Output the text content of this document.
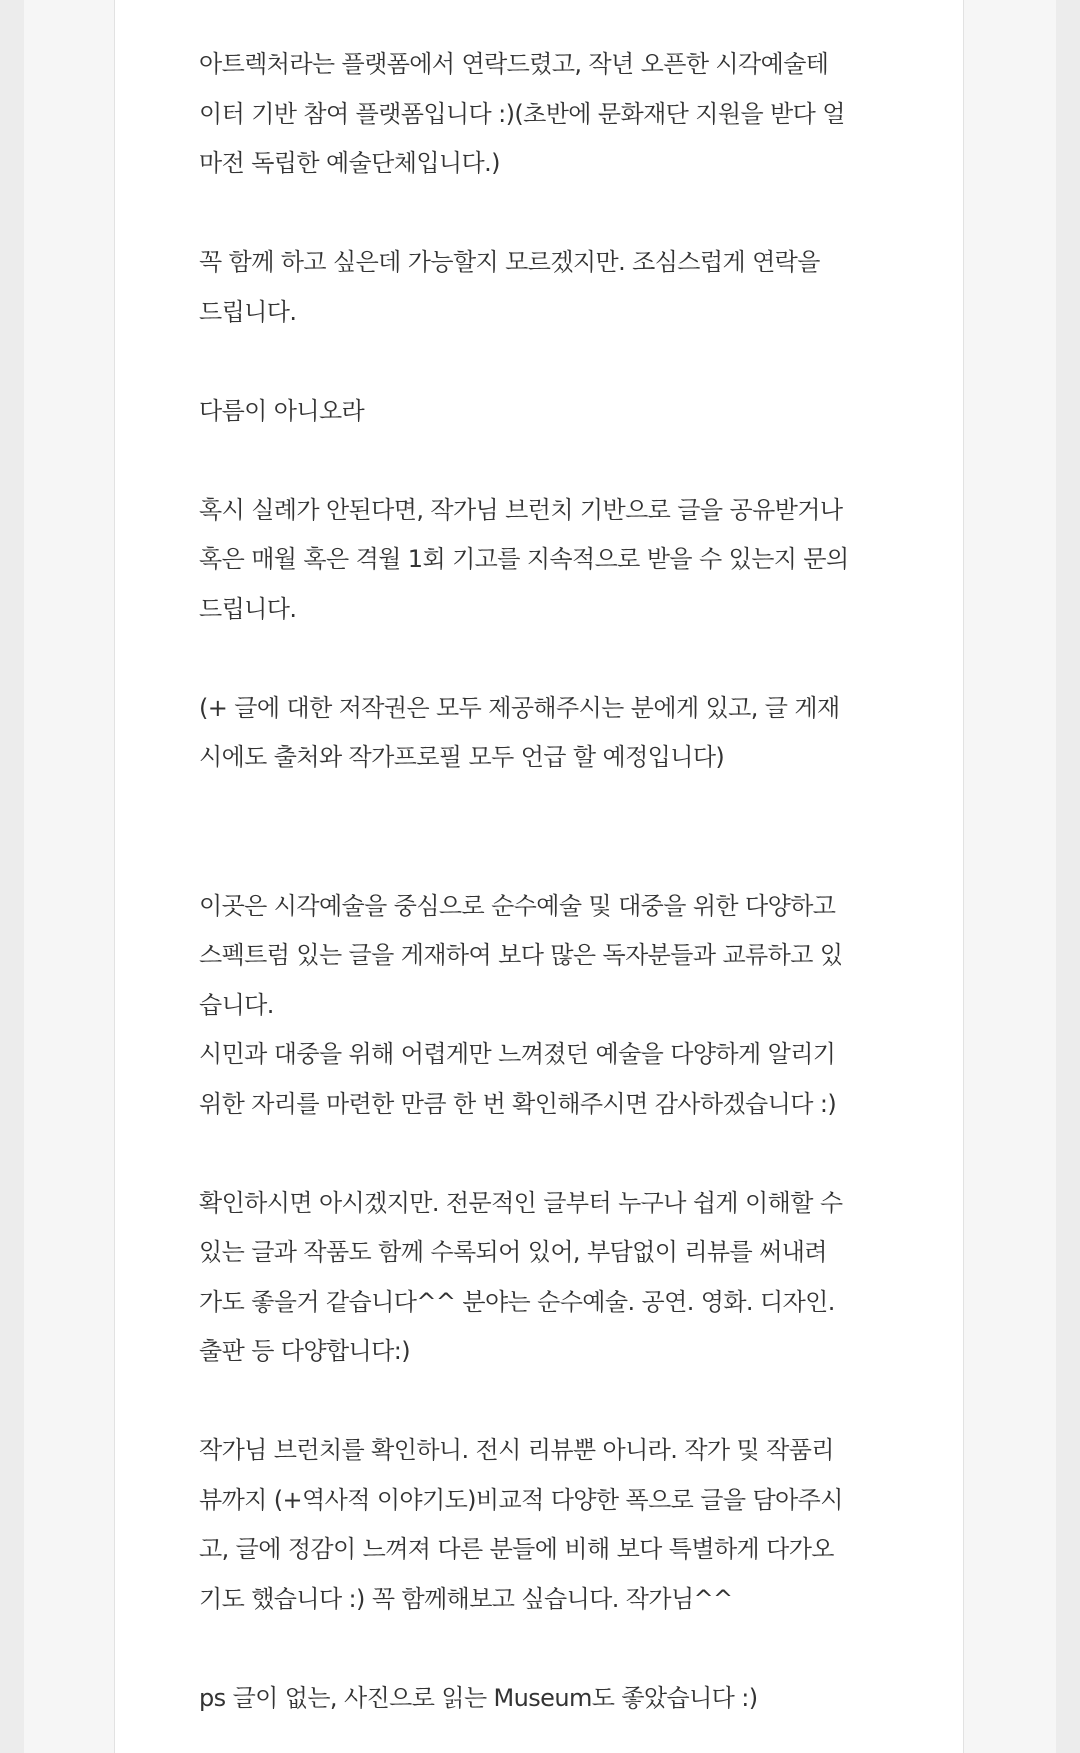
아트렉처라는 플랫폼에서 연락드렸고, 작년 오픈한 시각예술테
이터 기반 참여 플랫폼입니다 :)(초반에 문화재단 지원을 받다 얼
마전 독립한 예술단체입니다.)
꼭 함께 하고 싶은데 가능할지 모르겠지만. 조심스럽게 연락을
드립니다.
다름이 아니오라
혹시 실례가 안된다면, 작가님 브런치 기반으로 글을 공유받거나
혹은 매월 혹은 격월 1회 기고를 지속적으로 받을 수 있는지 문의
드립니다.
(+ 글에 대한 저작권은 모두 제공해주시는 분에게 있고, 글 게재
시에도 출처와 작가프로필 모두 언급 할 예정입니다)
이곳은 시각예술을 중심으로 순수예술 및 대중을 위한 다양하고
스펙트럼 있는 글을 게재하여 보다 많은 독자분들과 교류하고 있
습니다.
시민과 대중을 위해 어렵게만 느껴졌던 예술을 다양하게 알리기
위한 자리를 마련한 만큼 한 번 확인해주시면 감사하겠습니다 :)
확인하시면 아시겠지만. 전문적인 글부터 누구나 쉽게 이해할 수
있는 글과 작품도 함께 수록되어 있어, 부담없이 리뷰를 써내려
가도 좋을거 같습니다^^ 분야는 순수예술. 공연. 영화. 디자인.
출판 등 다양합니다:)
작가님 브런치를 확인하니. 전시 리뷰뿐 아니라. 작가 및 작품리
뷰까지 (+역사적 이야기도)비교적 다양한 폭으로 글을 담아주시
고, 글에 정감이 느껴져 다른 분들에 비해 보다 특별하게 다가오
기도 했습니다 :) 꼭 함께해보고 싶습니다. 작가님^^
ps 글이 없는, 사진으로 읽는 Museum도 좋았습니다 :)
